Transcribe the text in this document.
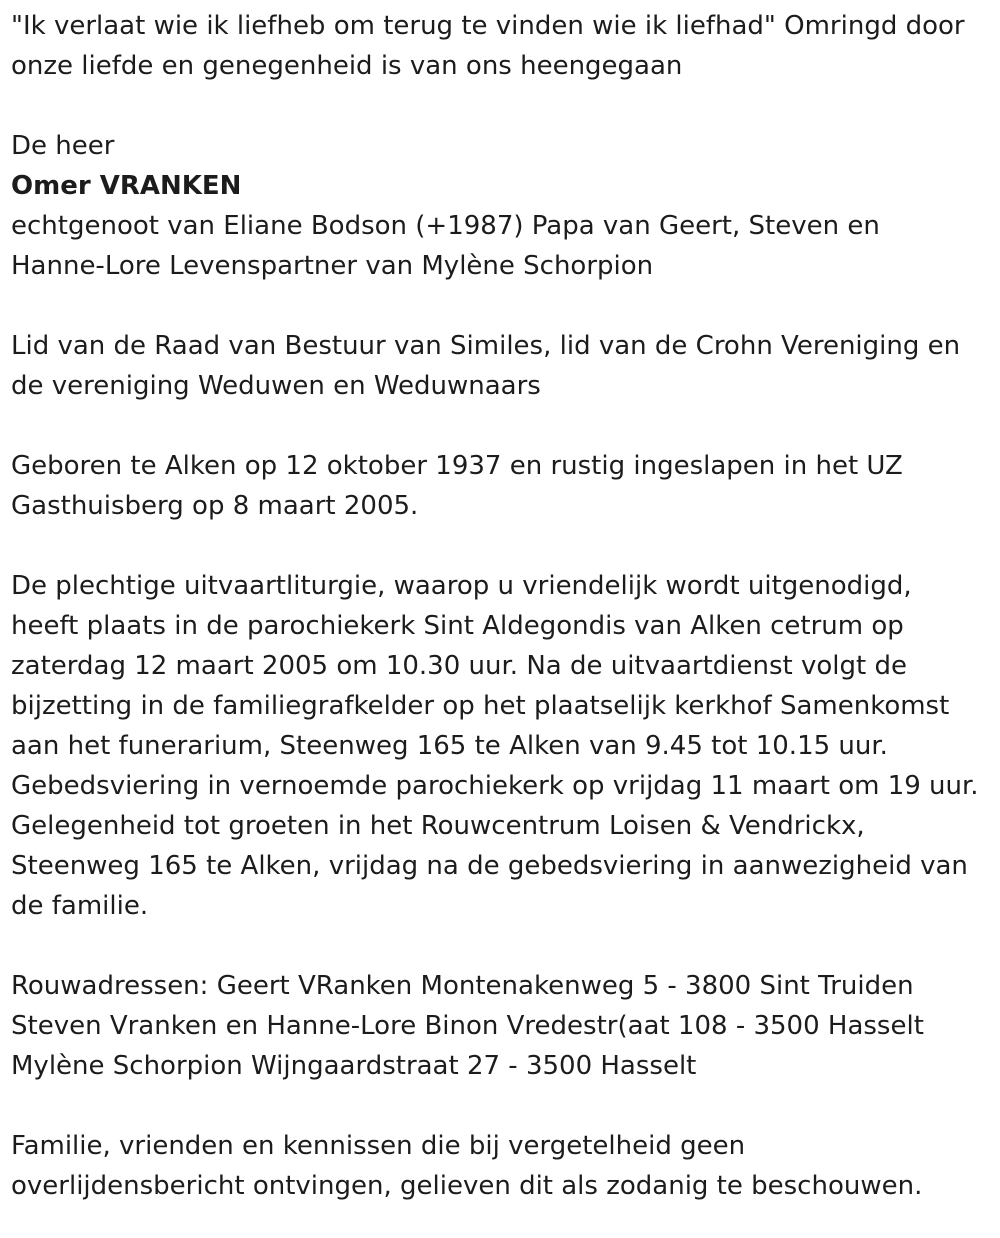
"Ik verlaat wie ik liefheb om terug te vinden wie ik liefhad" Omringd door
onze liefde en genegenheid is van ons heengegaan

De heer

Omer VRANKEN

echtgenoot van Eliane Bodson (+1987) Papa van Geert, Steven en
Hanne-Lore Levenspartner van Mylène Schorpion

Lid van de Raad van Bestuur van Similes, lid van de Crohn Vereniging en
de vereniging Weduwen en Weduwnaars

Geboren te Alken op 12 oktober 1937 en rustig ingeslapen in het UZ
Gasthuisberg op 8 maart 2005.

De plechtige uitvaartliturgie, waarop u vriendelijk wordt uitgenodigd,
heeft plaats in de parochiekerk Sint Aldegondis van Alken cetrum op
zaterdag 12 maart 2005 om 10.30 uur. Na de uitvaartdienst volgt de
bijzetting in de familiegrafkelder op het plaatselijk kerkhof Samenkomst
aan het funerarium, Steenweg 165 te Alken van 9.45 tot 10.15 uur.
Gebedsviering in vernoemde parochiekerk op vrijdag 11 maart om 19 uur.
Gelegenheid tot groeten in het Rouwcentrum Loisen & Vendrickx,
Steenweg 165 te Alken, vrijdag na de gebedsviering in aanwezigheid van
de familie.

Rouwadressen: Geert VRanken Montenakenweg 5 - 3800 Sint Truiden
Steven Vranken en Hanne-Lore Binon Vredestr(aat 108 - 3500 Hasselt
Mylène Schorpion Wijngaardstraat 27 - 3500 Hasselt

Familie, vrienden en kennissen die bij vergetelheid geen
overlijdensbericht ontvingen, gelieven dit als zodanig te beschouwen.
